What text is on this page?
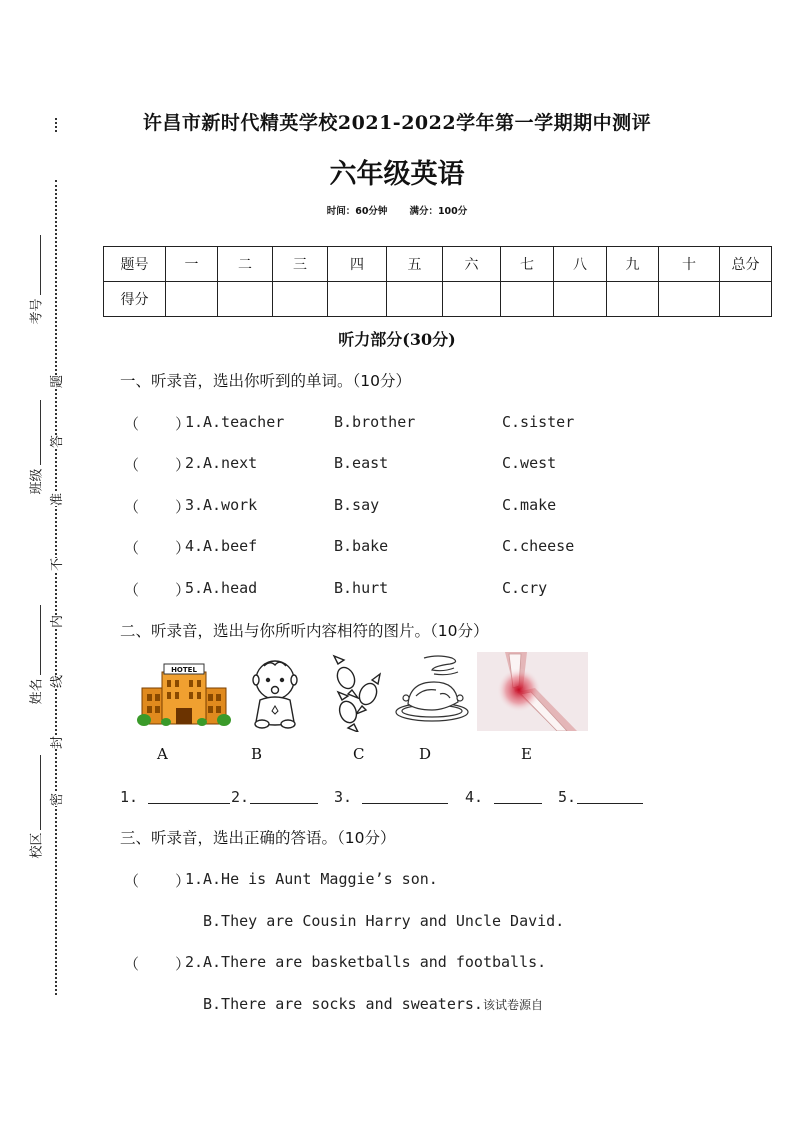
考号
班级
姓名
校区
题
答
准
不
内
线
封
密
许昌市新时代精英学校2021-2022学年第一学期期中测评
六年级英语
时间：60分钟 满分：100分
题号	一	二	三	四	五	六	七	八	九	十	总分
得分											
听力部分(30分)
一、听录音，选出你听到的单词。（10分）
（    ）
1. A.teacher	B.brother	C.sister
（    ）
2. A.next	B.east	C.west
（    ）
3. A.work	B.say	C.make
（    ）
4. A.beef	B.bake	C.cheese
（    ）
5. A.head	B.hurt	C.cry
二、听录音，选出与你所听内容相符的图片。（10分）
HOTEL
A	B	C	D	E
1.	2.	3.	4.	5.
三、听录音，选出正确的答语。（10分）
（    ）
1. A.He is Aunt Maggie’s son.
B.They are Cousin Harry and Uncle David.
（    ）
2. A.There are basketballs and footballs.
B.There are socks and sweaters.该试卷源自
